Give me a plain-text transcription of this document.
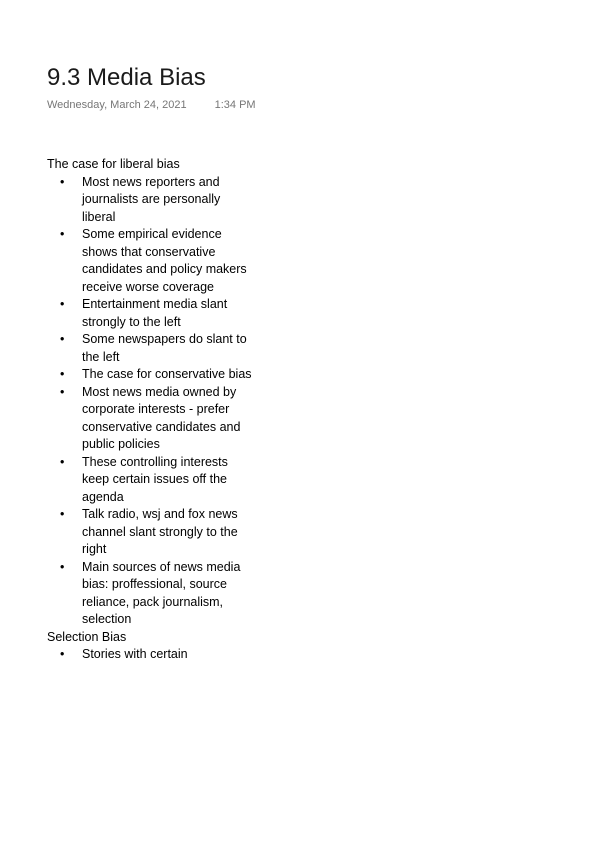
9.3 Media Bias
Wednesday, March 24, 2021	1:34 PM

The case for liberal bias

• Most news reporters and journalists are personally liberal
• Some empirical evidence shows that conservative candidates and policy makers receive worse coverage
• Entertainment media slant strongly to the left
• Some newspapers do slant to the left
• The case for conservative bias
• Most news media owned by corporate interests - prefer conservative candidates and public policies
• These controlling interests keep certain issues off the agenda
• Talk radio, wsj and fox news channel slant strongly to the right
• Main sources of news media bias: proffessional, source reliance, pack journalism, selection

Selection Bias

• Stories with certain
